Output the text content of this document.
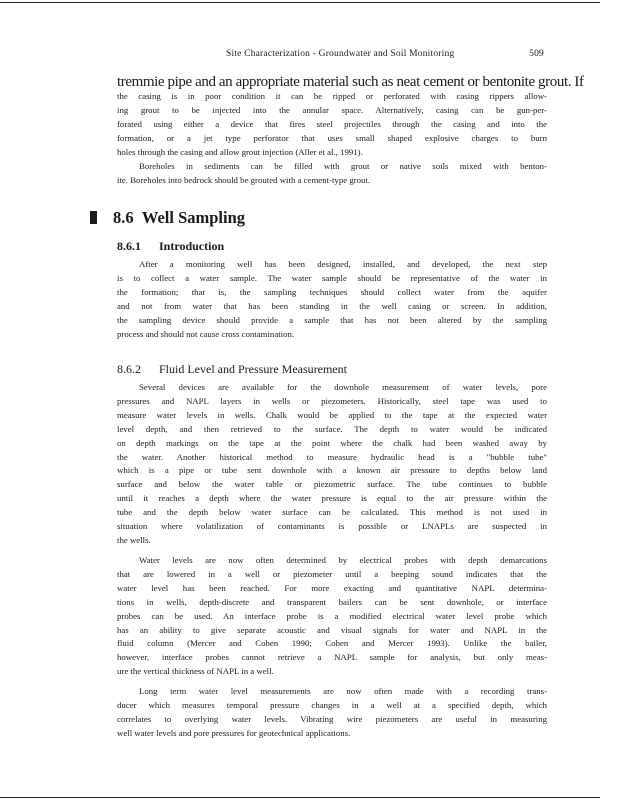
Site Characterization - Groundwater and Soil Monitoring	509
tremmie pipe and an appropriate material such as neat cement or bentonite grout. If

the casing is in poor condition it can be ripped or perforated with casing rippers allow-
ing grout to be injected into the annular space. Alternatively, casing can be gun-per-
forated using either a device that fires steel projectiles through the casing and into the
formation, or a jet type perforator that uses small shaped explosive charges to burn
holes through the casing and allow grout injection (Aller et al., 1991).

Boreholes in sediments can be filled with grout or native soils mixed with benton-
ite. Boreholes into bedrock should be grouted with a cement-type grout.

8.6 Well Sampling
8.6.1 Introduction

After a monitoring well has been designed, installed, and developed, the next step
is to collect a water sample. The water sample should be representative of the water in
the formation; that is, the sampling techniques should collect water from the aquifer
and not from water that has been standing in the well casing or screen. In addition,
the sampling device should provide a sample that has not been altered by the sampling
process and should not cause cross contamination.

8.6.2 Fluid Level and Pressure Measurement

Several devices are available for the downhole measurement of water levels, pore
pressures and NAPL layers in wells or piezometers. Historically, steel tape was used to
measure water levels in wells. Chalk would be applied to the tape at the expected water
level depth, and then retrieved to the surface. The depth to water would be indicated
on depth markings on the tape at the point where the chalk had been washed away by
the water. Another historical method to measure hydraulic head is a "bubble tube"
which is a pipe or tube sent downhole with a known air pressure to depths below land
surface and below the water table or piezometric surface. The tube continues to bubble
until it reaches a depth where the water pressure is equal to the air pressure within the
tube and the depth below water surface can be calculated. This method is not used in
situation where volatilization of contaminants is possible or LNAPLs are suspected in
the wells.

Water levels are now often determined by electrical probes with depth demarcations
that are lowered in a well or piezometer until a beeping sound indicates that the
water level has been reached. For more exacting and quantitative NAPL determina-
tions in wells, depth-discrete and transparent bailers can be sent downhole, or interface
probes can be used. An interface probe is a modified electrical water level probe which
has an ability to give separate acoustic and visual signals for water and NAPL in the
fluid column (Mercer and Cohen 1990; Cohen and Mercer 1993). Unlike the bailer,
however, interface probes cannot retrieve a NAPL sample for analysis, but only meas-
ure the vertical thickness of NAPL in a well.

Long term water level measurements are now often made with a recording trans-
ducer which measures temporal pressure changes in a well at a specified depth, which
correlates to overlying water levels. Vibrating wire piezometers are useful in measuring
well water levels and pore pressures for geotechnical applications.
